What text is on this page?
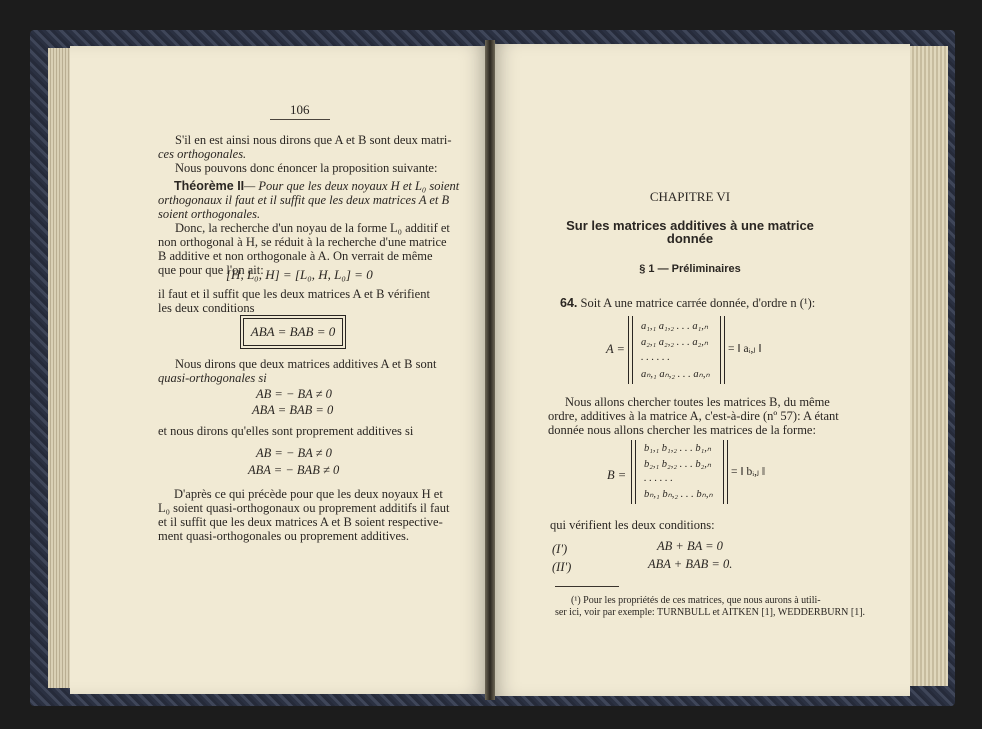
106
S'il en est ainsi nous dirons que A et B sont deux matri-
ces orthogonales.
Nous pouvons donc énoncer la proposition suivante:
Théorème II— Pour que les deux noyaux H et L₀ soient
orthogonaux il faut et il suffit que les deux matrices A et B
soient orthogonales.
Donc, la recherche d'un noyau de la forme L₀ additif et
non orthogonal à H, se réduit à la recherche d'une matrice
B additive et non orthogonale à A. On verrait de même
que pour que l'on ait:
[H, L₀, H] = [L₀, H, L₀] = 0
il faut et il suffit que les deux matrices A et B vérifient
les deux conditions
ABA = BAB = 0
Nous dirons que deux matrices additives A et B sont
quasi-orthogonales si
AB = − BA ≠ 0
ABA = BAB = 0
et nous dirons qu'elles sont proprement additives si
AB = − BA ≠ 0
ABA = − BAB ≠ 0
D'après ce qui précède pour que les deux noyaux H et
L₀ soient quasi-orthogonaux ou proprement additifs il faut
et il suffit que les deux matrices A et B soient respective-
ment quasi-orthogonales ou proprement additives.
CHAPITRE VI
Sur les matrices additives à une matrice
donnée
§ 1 — Préliminaires
64. Soit A une matrice carrée donnée, d'ordre n (¹):
A =
a₁,₁ a₁,₂ . . . a₁,ₙ
a₂,₁ a₂,₂ . . . a₂,ₙ
. . . . . .
aₙ,₁ aₙ,₂ . . . aₙ,ₙ
= ‖ aᵢ,ⱼ ‖
Nous allons chercher toutes les matrices B, du même
ordre, additives à la matrice A, c'est-à-dire (nº 57): A étant
donnée nous allons chercher les matrices de la forme:
B =
b₁,₁ b₁,₂ . . . b₁,ₙ
b₂,₁ b₂,₂ . . . b₂,ₙ
. . . . . .
bₙ,₁ bₙ,₂ . . . bₙ,ₙ
= ‖ bᵢ,ⱼ ‖
qui vérifient les deux conditions:
(I')	AB + BA = 0
(II')	ABA + BAB = 0.
(¹) Pour les propriétés de ces matrices, que nous aurons à utili-
ser ici, voir par exemple: TURNBULL et AITKEN [1], WEDDERBURN [1].
